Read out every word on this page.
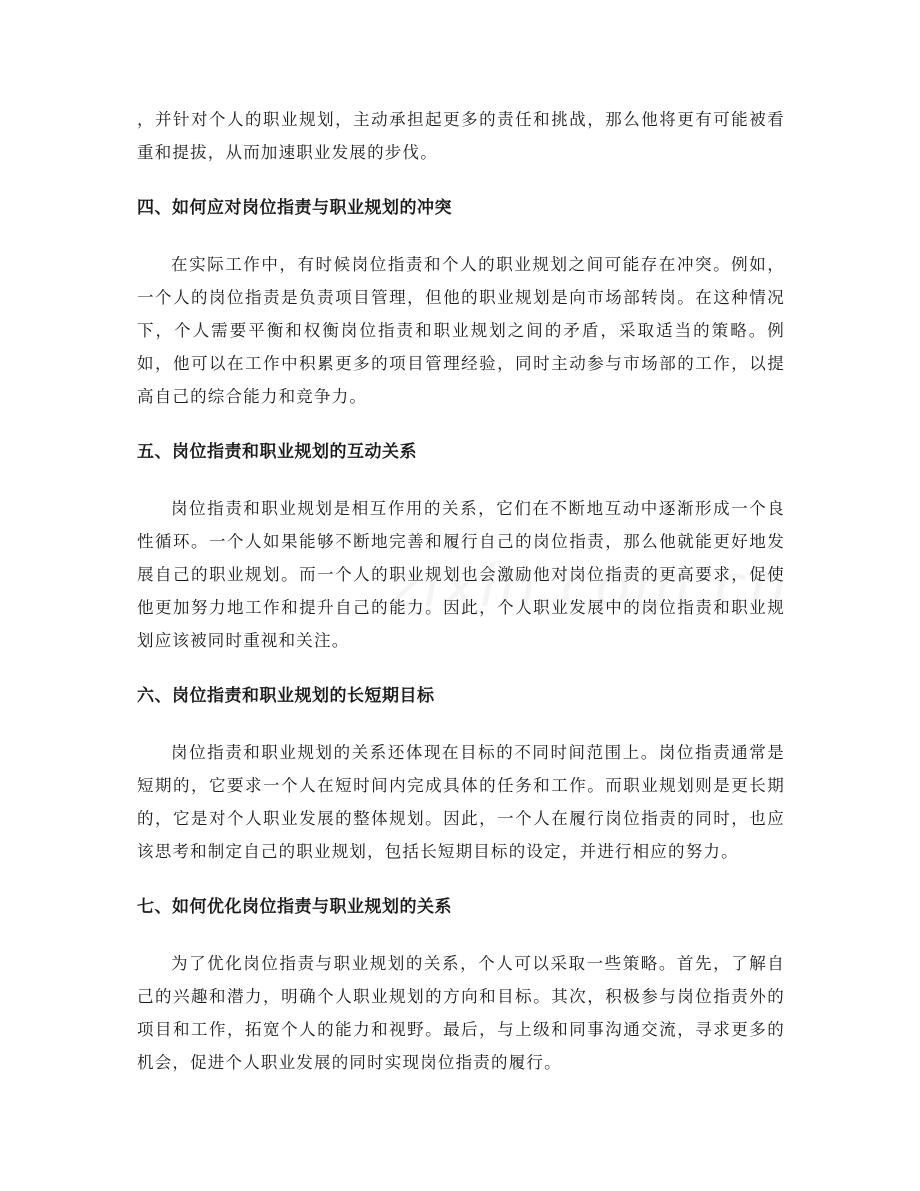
，并针对个人的职业规划，主动承担起更多的责任和挑战，那么他将更有可能被看重和提拔，从而加速职业发展的步伐。

四、如何应对岗位指责与职业规划的冲突

在实际工作中，有时候岗位指责和个人的职业规划之间可能存在冲突。例如，一个人的岗位指责是负责项目管理，但他的职业规划是向市场部转岗。在这种情况下，个人需要平衡和权衡岗位指责和职业规划之间的矛盾，采取适当的策略。例如，他可以在工作中积累更多的项目管理经验，同时主动参与市场部的工作，以提高自己的综合能力和竞争力。

五、岗位指责和职业规划的互动关系

岗位指责和职业规划是相互作用的关系，它们在不断地互动中逐渐形成一个良性循环。一个人如果能够不断地完善和履行自己的岗位指责，那么他就能更好地发展自己的职业规划。而一个人的职业规划也会激励他对岗位指责的更高要求，促使他更加努力地工作和提升自己的能力。因此，个人职业发展中的岗位指责和职业规划应该被同时重视和关注。

六、岗位指责和职业规划的长短期目标

岗位指责和职业规划的关系还体现在目标的不同时间范围上。岗位指责通常是短期的，它要求一个人在短时间内完成具体的任务和工作。而职业规划则是更长期的，它是对个人职业发展的整体规划。因此，一个人在履行岗位指责的同时，也应该思考和制定自己的职业规划，包括长短期目标的设定，并进行相应的努力。

七、如何优化岗位指责与职业规划的关系

为了优化岗位指责与职业规划的关系，个人可以采取一些策略。首先，了解自己的兴趣和潜力，明确个人职业规划的方向和目标。其次，积极参与岗位指责外的项目和工作，拓宽个人的能力和视野。最后，与上级和同事沟通交流，寻求更多的机会，促进个人职业发展的同时实现岗位指责的履行。
